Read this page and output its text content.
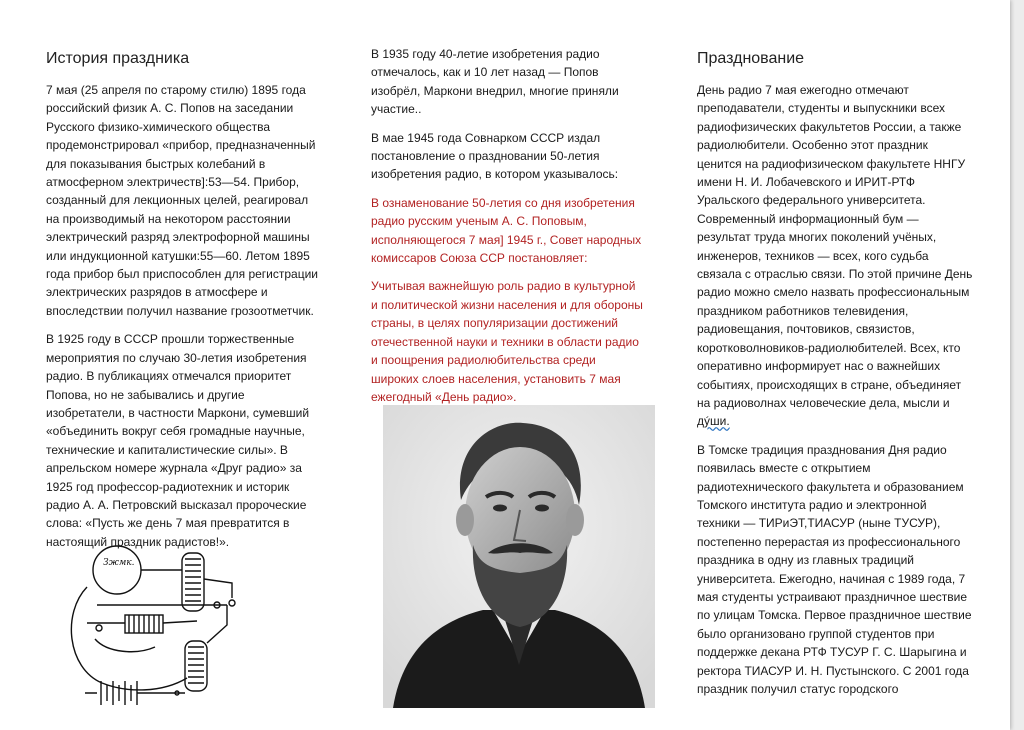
История праздника

7 мая (25 апреля по старому стилю) 1895 года
российский физик А. С. Попов на заседании
Русского физико-химического общества
продемонстрировал «прибор, предназначенный
для показывания быстрых колебаний в
атмосферном электричеств]:53—54. Прибор,
созданный для лекционных целей, реагировал
на производимый на некотором расстоянии
электрический разряд электрофорной машины
или индукционной катушки:55—60. Летом 1895
года прибор был приспособлен для регистрации
электрических разрядов в атмосфере и
впоследствии получил название грозоотметчик.

В 1925 году в СССР прошли торжественные
мероприятия по случаю 30-летия изобретения
радио. В публикациях отмечался приоритет
Попова, но не забывались и другие
изобретатели, в частности Маркони, сумевший
«объединить вокруг себя громадные научные,
технические и капиталистические силы». В
апрельском номере журнала «Друг радио» за
1925 год профессор-радиотехник и историк
радио А. А. Петровский высказал пророческие
слова: «Пусть же день 7 мая превратится в
настоящий праздник радистов!».

Зжмк.

В 1935 году 40-летие изобретения радио
отмечалось, как и 10 лет назад — Попов
изобрёл, Маркони внедрил, многие приняли
участие..

В мае 1945 года Совнарком СССР издал
постановление о праздновании 50-летия
изобретения радио, в котором указывалось:

В ознаменование 50-летия со дня изобретения
радио русским ученым А. С. Поповым,
исполняющегося 7 мая] 1945 г., Совет народных
комиссаров Союза ССР постановляет:

Учитывая важнейшую роль радио в культурной
и политической жизни населения и для обороны
страны, в целях популяризации достижений
отечественной науки и техники в области радио
и поощрения радиолюбительства среди
широких слоев населения, установить 7 мая
ежегодный «День радио».

Празднование

День радио 7 мая ежегодно отмечают
преподаватели, студенты и выпускники всех
радиофизических факультетов России, а также
радиолюбители. Особенно этот праздник
ценится на радиофизическом факультете ННГУ
имени Н. И. Лобачевского и ИРИТ-РТФ
Уральского федерального университета.
Современный информационный бум —
результат труда многих поколений учёных,
инженеров, техников — всех, кого судьба
связала с отраслью связи. По этой причине День
радио можно смело назвать профессиональным
праздником работников телевидения,
радиовещания, почтовиков, связистов,
коротковолновиков-радиолюбителей. Всех, кто
оперативно информирует нас о важнейших
событиях, происходящих в стране, объединяет
на радиоволнах человеческие дела, мысли и
дýши.

В Томске традиция празднования Дня радио
появилась вместе с открытием
радиотехнического факультета и образованием
Томского института радио и электронной
техники — ТИРиЭТ,ТИАСУР (ныне ТУСУР),
постепенно перерастая из профессионального
праздника в одну из главных традиций
университета. Ежегодно, начиная с 1989 года, 7
мая студенты устраивают праздничное шествие
по улицам Томска. Первое праздничное шествие
было организовано группой студентов при
поддержке декана РТФ ТУСУР Г. С. Шарыгина и
ректора ТИАСУР И. Н. Пустынского. С 2001 года
праздник получил статус городского
